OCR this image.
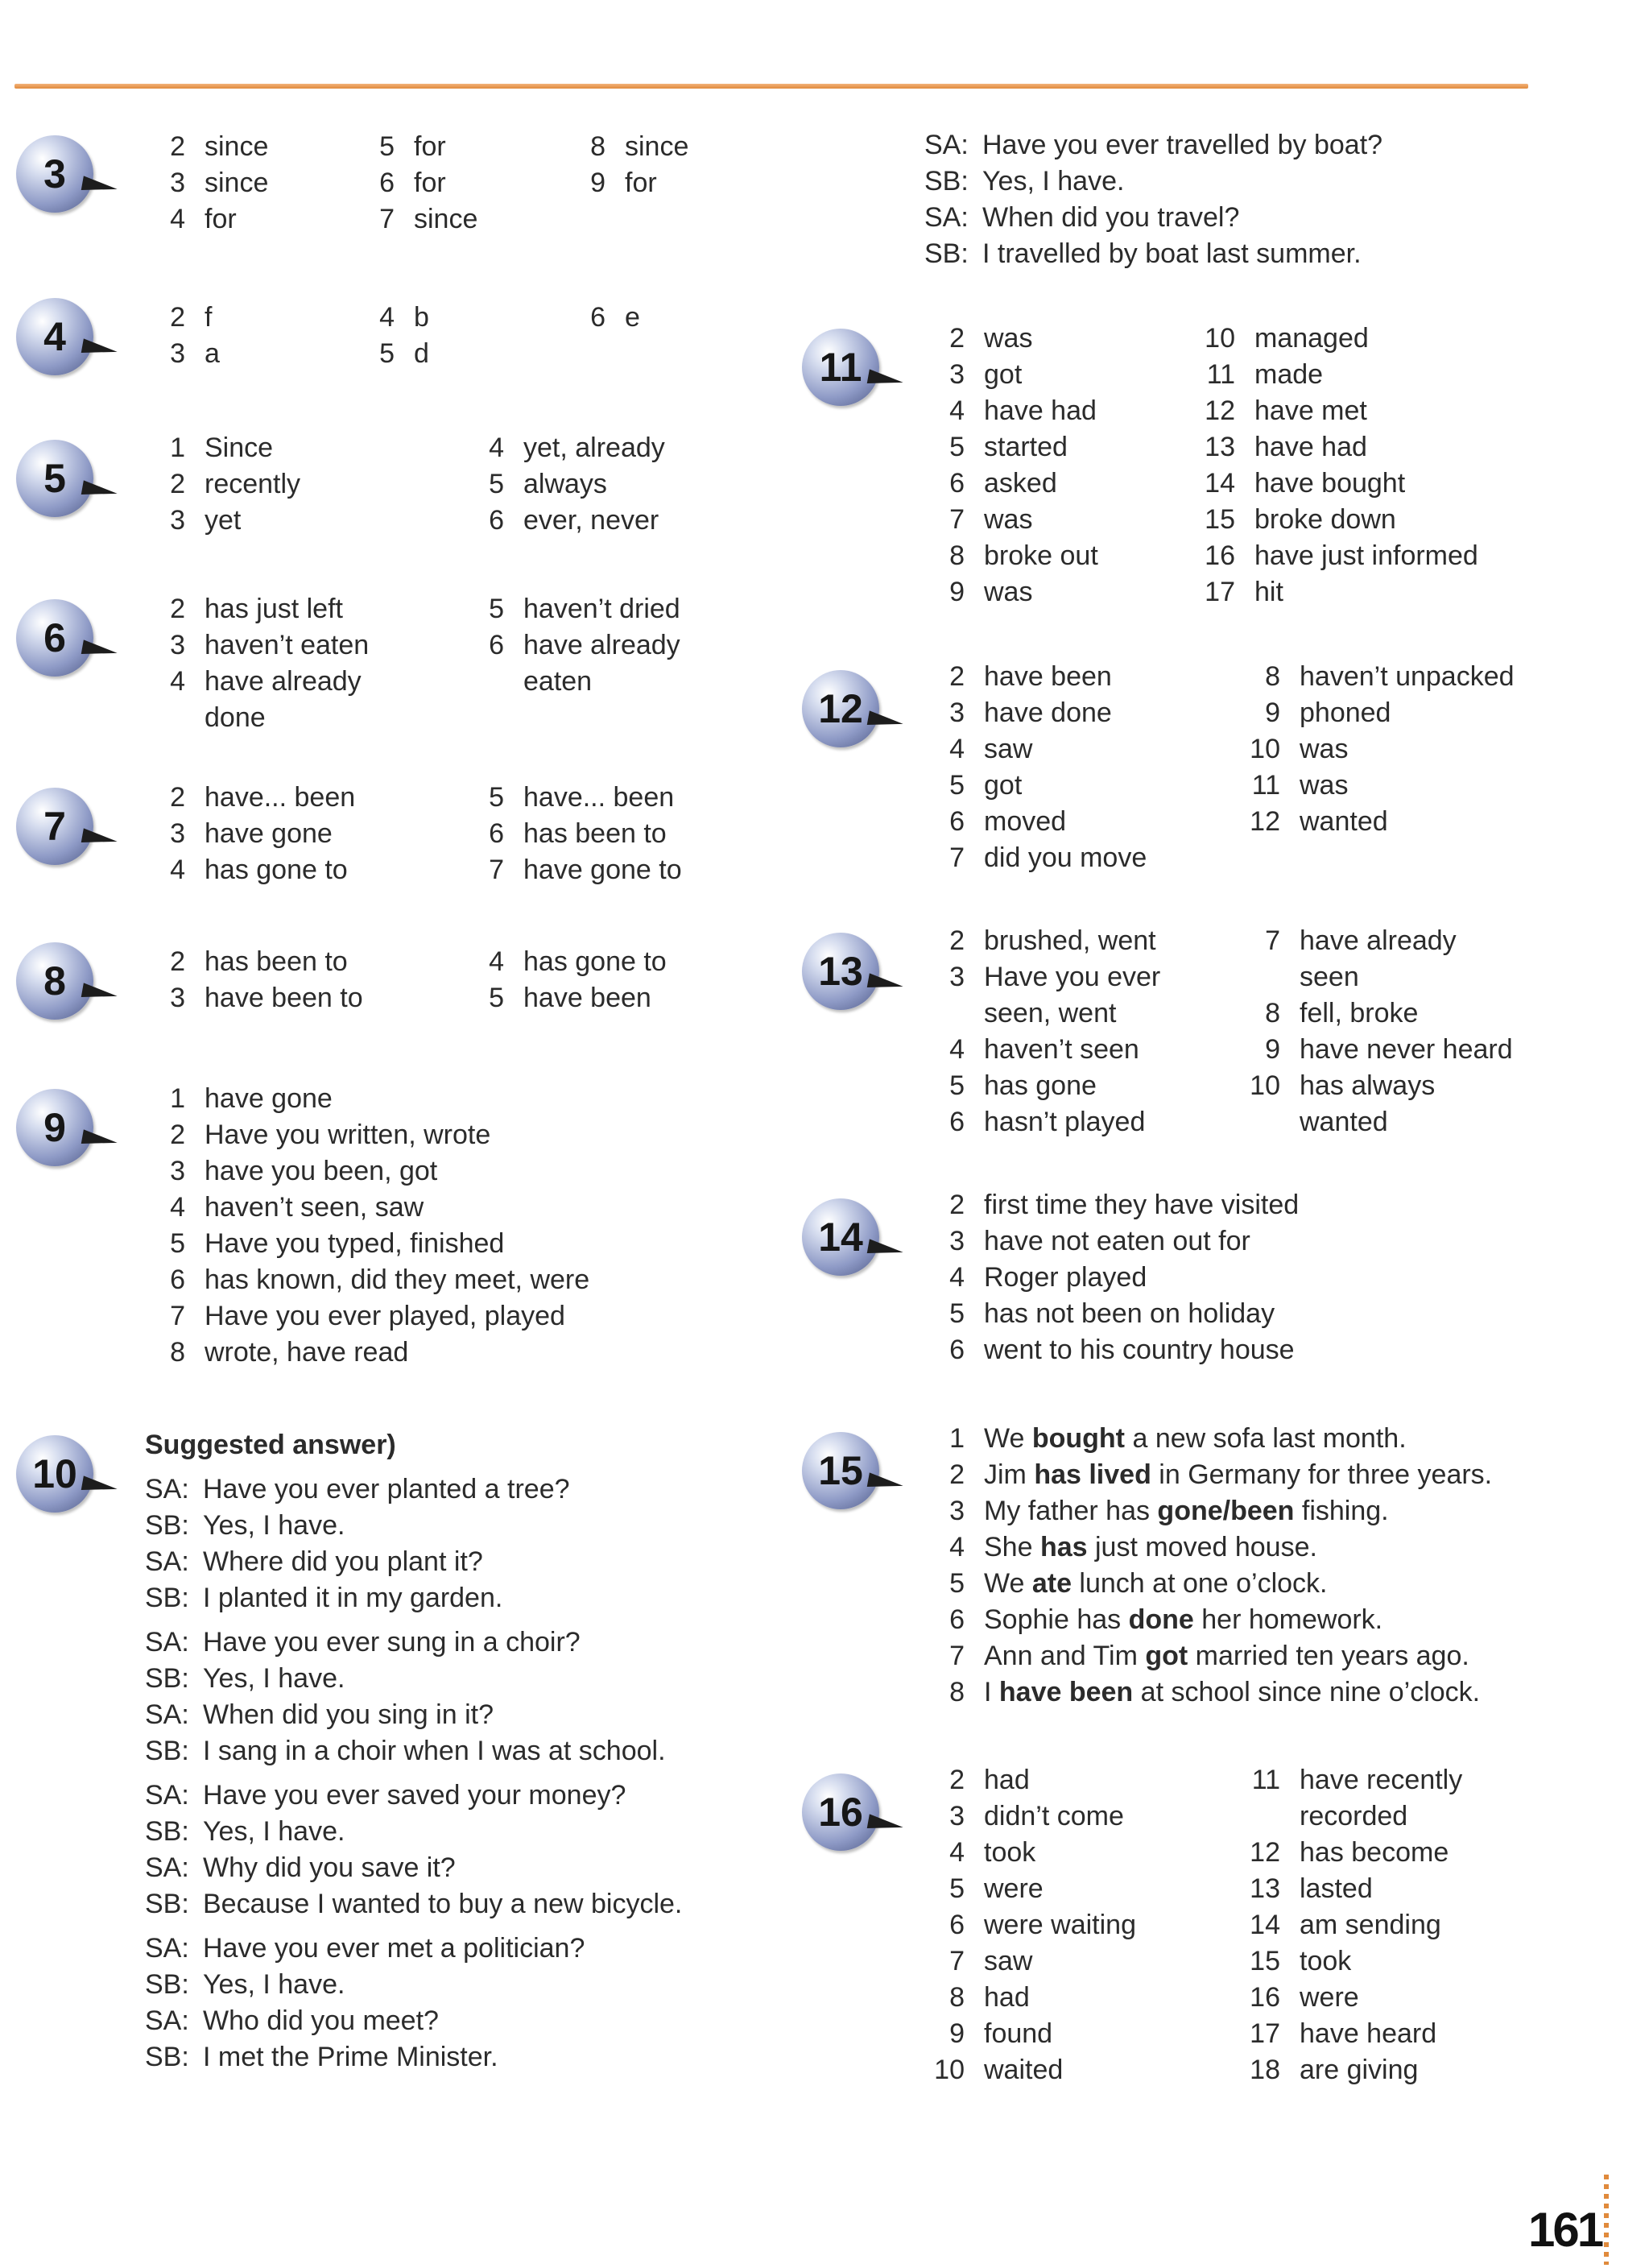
3
2 since
3 since
4 for
5 for
6 for
7 since
8 since
9 for
4	2 f
3 a
4 b
5 d
6 e
5
1 Since
2 recently
3 yet
4 yet, already
5 always
6 ever, never
6
2 has just left
3 haven’t eaten
4 have already
done
5 haven’t dried
6 have already
eaten
7
2 have... been
3 have gone
4 has gone to
5 have... been
6 has been to
7 have gone to
8	2 has been to
3 have been to
4 has gone to
5 have been
9
1 have gone
2 Have you written, wrote
3 have you been, got
4 haven’t seen, saw
5 Have you typed, finished
6 has known, did they meet, were
7 Have you ever played, played
8 wrote, have read
10
Suggested answer)
SA: Have you ever planted a tree?
SB: Yes, I have.
SA: Where did you plant it?
SB: I planted it in my garden.
SA: Have you ever sung in a choir?
SB: Yes, I have.
SA: When did you sing in it?
SB: I sang in a choir when I was at school.
SA: Have you ever saved your money?
SB: Yes, I have.
SA: Why did you save it?
SB: Because I wanted to buy a new bicycle.
SA: Have you ever met a politician?
SB: Yes, I have.
SA: Who did you meet?
SB: I met the Prime Minister.
SA: Have you ever travelled by boat?
SB: Yes, I have.
SA: When did you travel?
SB: I travelled by boat last summer.
11
2 was
3 got
4 have had
5 started
6 asked
7 was
8 broke out
9 was
10 managed
11 made
12 have met
13 have had
14 have bought
15 broke down
16 have just informed
17 hit
12
2 have been
3 have done
4 saw
5 got
6 moved
7 did you move
8 haven’t unpacked
9 phoned
10 was
11 was
12 wanted
13
2 brushed, went
3 Have you ever
seen, went
4 haven’t seen
5 has gone
6 hasn’t played
7 have already
seen
8 fell, broke
9 have never heard
10 has always
wanted
14
2 first time they have visited
3 have not eaten out for
4 Roger played
5 has not been on holiday
6 went to his country house
15
1 We bought a new sofa last month.
2 Jim has lived in Germany for three years.
3 My father has gone/been fishing.
4 She has just moved house.
5 We ate lunch at one o’clock.
6 Sophie has done her homework.
7 Ann and Tim got married ten years ago.
8 I have been at school since nine o’clock.
16
2 had
3 didn’t come
4 took
5 were
6 were waiting
7 saw
8 had
9 found
10 waited
11 have recently
recorded
12 has become
13 lasted
14 am sending
15 took
16 were
17 have heard
18 are giving
161
